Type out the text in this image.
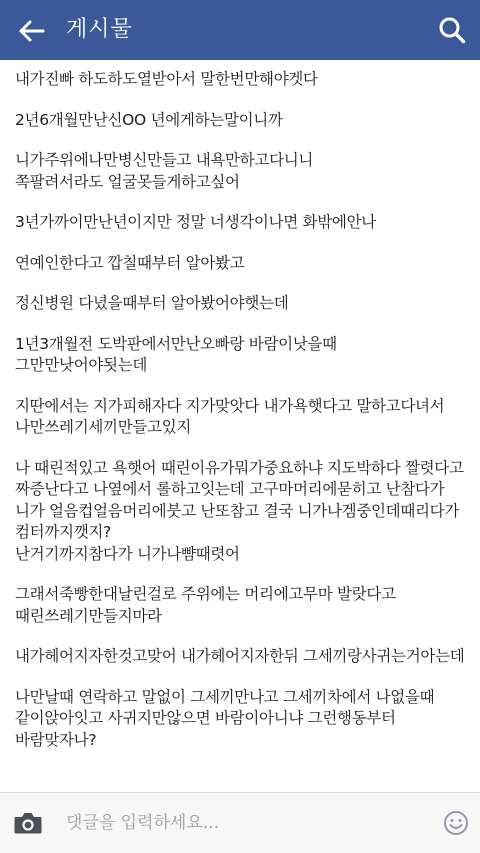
게시물

내가진빠 하도하도열받아서 말한번만해야겟다

2년6개월만난신OO 년에게하는말이니까

니가주위에나만병신만들고 내욕만하고다니니
쪽팔려서라도 얼굴못들게하고싶어

3년가까이만난년이지만 정말 너생각이나면 화밖에안나

연예인한다고 깝칠때부터 알아봤고

정신병원 다녔을때부터 알아봤어야햇는데

1년3개월전 도박판에서만난오빠랑 바람이낫을때
그만만낫어야됫는데

지딴에서는 지가피해자다 지가맞앗다 내가욕햇다고 말하고다녀서
나만쓰레기세끼만들고있지

나 때린적있고 욕햇어 때린이유가뭐가중요하냐 지도박하다 짤렷다고
짜증난다고 나옆에서 롤하고잇는데 고구마머리에묻히고 난참다가
니가 얼음컵얼음머리에붓고 난또참고 결국 니가나겜중인데때리다가
컴터까지깻지?
난거기까지참다가 니가나뺨때렷어

그래서죽빵한대날린걸로 주위에는 머리에고무마 발랏다고
때린쓰레기만들지마라

내가헤어지자한것고맞어 내가헤어지자한뒤 그세끼랑사귀는거아는데

나만날때 연락하고 말없이 그세끼만나고 그세끼차에서 나없을때
같이앉아잇고 사귀지만않으면 바람이아니냐 그런행동부터
바람맞자나?

댓글을 입력하세요...
